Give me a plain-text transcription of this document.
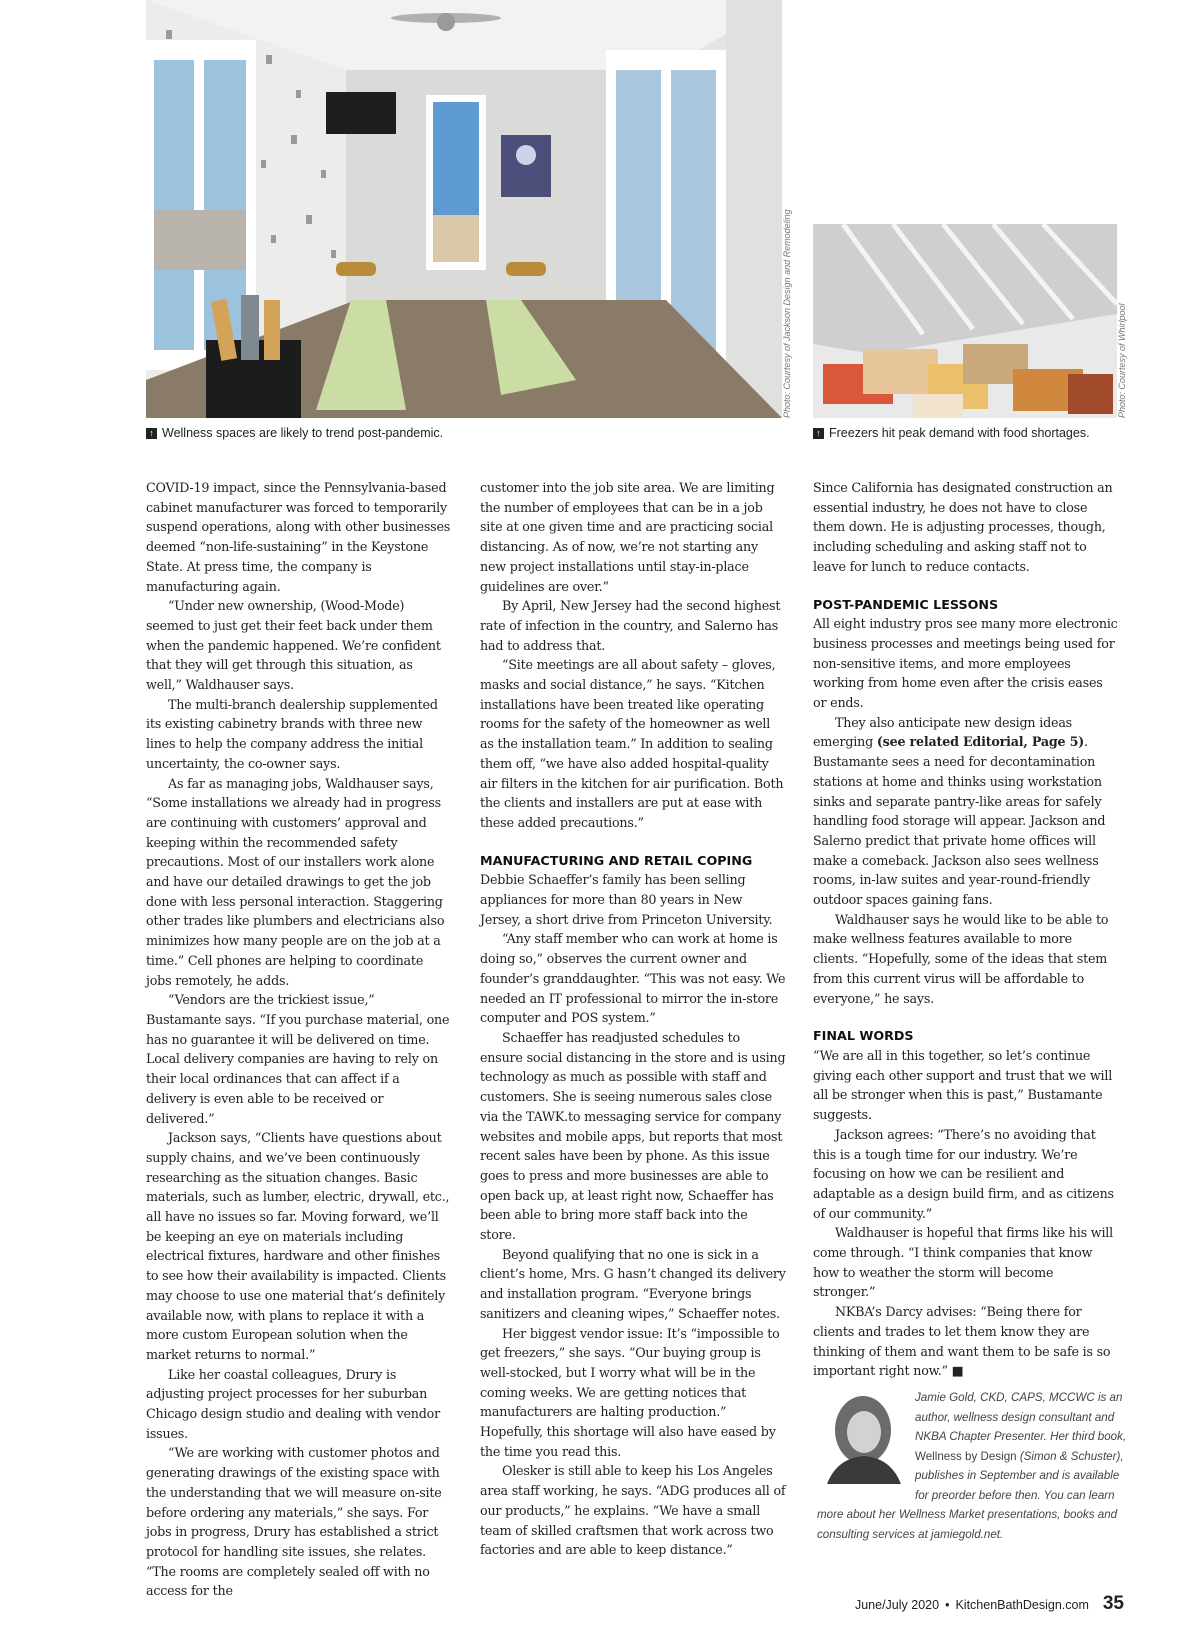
Photo: Courtesy of Jackson Design and Remodeling
↑ Wellness spaces are likely to trend post-pandemic.
Photo: Courtesy of Whirlpool
↑ Freezers hit peak demand with food shortages.

COVID-19 impact, since the Pennsylvania-based cabinet manufacturer was forced to temporarily suspend operations, along with other businesses deemed “non-life-sustaining” in the Keystone State. At press time, the company is manufacturing again.

“Under new ownership, (Wood-Mode) seemed to just get their feet back under them when the pandemic happened. We’re confident that they will get through this situation, as well,” Waldhauser says.

The multi-branch dealership supplemented its existing cabinetry brands with three new lines to help the company address the initial uncertainty, the co-owner says.

As far as managing jobs, Waldhauser says, “Some installations we already had in progress are continuing with customers’ approval and keeping within the recommended safety precautions. Most of our installers work alone and have our detailed drawings to get the job done with less personal interaction. Staggering other trades like plumbers and electricians also minimizes how many people are on the job at a time.” Cell phones are helping to coordinate jobs remotely, he adds.

“Vendors are the trickiest issue,” Bustamante says. “If you purchase material, one has no guarantee it will be delivered on time. Local delivery companies are having to rely on their local ordinances that can affect if a delivery is even able to be received or delivered.”

Jackson says, “Clients have questions about supply chains, and we’ve been continuously researching as the situation changes. Basic materials, such as lumber, electric, drywall, etc., all have no issues so far. Moving forward, we’ll be keeping an eye on materials including electrical fixtures, hardware and other finishes to see how their availability is impacted. Clients may choose to use one material that’s definitely available now, with plans to replace it with a more custom European solution when the market returns to normal.”

Like her coastal colleagues, Drury is adjusting project processes for her suburban Chicago design studio and dealing with vendor issues.

“We are working with customer photos and generating drawings of the existing space with the understanding that we will measure on-site before ordering any materials,” she says. For jobs in progress, Drury has established a strict protocol for handling site issues, she relates. “The rooms are completely sealed off with no access for the

customer into the job site area. We are limiting the number of employees that can be in a job site at one given time and are practicing social distancing. As of now, we’re not starting any new project installations until stay-in-place guidelines are over.”

By April, New Jersey had the second highest rate of infection in the country, and Salerno has had to address that.

“Site meetings are all about safety – gloves, masks and social distance,” he says. “Kitchen installations have been treated like operating rooms for the safety of the homeowner as well as the installation team.” In addition to sealing them off, “we have also added hospital-quality air filters in the kitchen for air purification. Both the clients and installers are put at ease with these added precautions.”

MANUFACTURING AND RETAIL COPING

Debbie Schaeffer’s family has been selling appliances for more than 80 years in New Jersey, a short drive from Princeton University.

“Any staff member who can work at home is doing so,” observes the current owner and founder’s granddaughter. “This was not easy. We needed an IT professional to mirror the in-store computer and POS system.”

Schaeffer has readjusted schedules to ensure social distancing in the store and is using technology as much as possible with staff and customers. She is seeing numerous sales close via the TAWK.to messaging service for company websites and mobile apps, but reports that most recent sales have been by phone. As this issue goes to press and more businesses are able to open back up, at least right now, Schaeffer has been able to bring more staff back into the store.

Beyond qualifying that no one is sick in a client’s home, Mrs. G hasn’t changed its delivery and installation program. “Everyone brings sanitizers and cleaning wipes,” Schaeffer notes.

Her biggest vendor issue: It’s “impossible to get freezers,” she says. “Our buying group is well-stocked, but I worry what will be in the coming weeks. We are getting notices that manufacturers are halting production.” Hopefully, this shortage will also have eased by the time you read this.

Olesker is still able to keep his Los Angeles area staff working, he says. “ADG produces all of our products,” he explains. “We have a small team of skilled craftsmen that work across two factories and are able to keep distance.”

Since California has designated construction an essential industry, he does not have to close them down. He is adjusting processes, though, including scheduling and asking staff not to leave for lunch to reduce contacts.

POST-PANDEMIC LESSONS

All eight industry pros see many more electronic business processes and meetings being used for non-sensitive items, and more employees working from home even after the crisis eases or ends.

They also anticipate new design ideas emerging (see related Editorial, Page 5). Bustamante sees a need for decontamination stations at home and thinks using workstation sinks and separate pantry-like areas for safely handling food storage will appear. Jackson and Salerno predict that private home offices will make a comeback. Jackson also sees wellness rooms, in-law suites and year-round-friendly outdoor spaces gaining fans.

Waldhauser says he would like to be able to make wellness features available to more clients. “Hopefully, some of the ideas that stem from this current virus will be affordable to everyone,” he says.

FINAL WORDS

“We are all in this together, so let’s continue giving each other support and trust that we will all be stronger when this is past,” Bustamante suggests.

Jackson agrees: “There’s no avoiding that this is a tough time for our industry. We’re focusing on how we can be resilient and adaptable as a design build firm, and as citizens of our community.”

Waldhauser is hopeful that firms like his will come through. “I think companies that know how to weather the storm will become stronger.”

NKBA’s Darcy advises: “Being there for clients and trades to let them know they are thinking of them and want them to be safe is so important right now.” ■

Jamie Gold, CKD, CAPS, MCCWC is an author, wellness design consultant and NKBA Chapter Presenter. Her third book, Wellness by Design (Simon & Schuster), publishes in September and is available for preorder before then. You can learn more about her Wellness Market presentations, books and consulting services at jamiegold.net.
June/July 2020 • KitchenBathDesign.com 35
